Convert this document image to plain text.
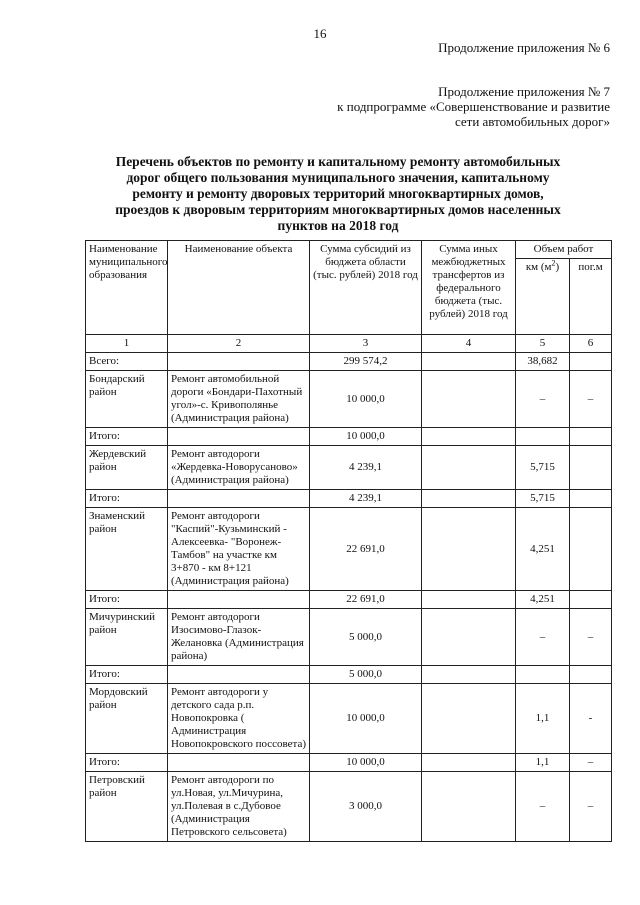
16
Продолжение приложения № 6
Продолжение приложения № 7
к подпрограмме «Совершенствование и развитие
сети автомобильных дорог»
Перечень объектов по ремонту и капитальному ремонту автомобильных
дорог общего пользования муниципального значения, капитальному
ремонту и ремонту дворовых территорий многоквартирных домов,
проездов к дворовым территориям многоквартирных домов населенных
пунктов на 2018 год
Наименование муниципального образования	Наименование объекта	Сумма субсидий из бюджета области (тыс. рублей) 2018 год	Сумма иных межбюджетных трансфертов из федерального бюджета (тыс. рублей) 2018 год	Объем работ	
				км $(м^2)$	пог.м
1	2	3	4	5	6
Всего:		299 574,2		38,682	
Бондарский район	Ремонт автомобильной дороги «Бондари-Пахотный угол»-с. Кривополянье (Администрация района)	10 000,0		–	–
Итого:		10 000,0			
Жердевский район	Ремонт автодороги «Жердевка-Новорусаново» (Администрация района)	4 239,1		5,715	
Итого:		4 239,1		5,715	
Знаменский район	Ремонт автодороги "Каспий"-Кузьминский - Алексеевка- "Воронеж-Тамбов" на участке км 3+870 - км 8+121 (Администрация района)	22 691,0		4,251	
Итого:		22 691,0		4,251	
Мичуринский район	Ремонт автодороги Изосимово-Глазок-Желановка (Администрация района)	5 000,0		–	–
Итого:		5 000,0			
Мордовский район	Ремонт автодороги у детского сада р.п. Новопокровка ( Администрация Новопокровского поссовета)	10 000,0		1,1	-
Итого:		10 000,0		1,1	–
Петровский район	Ремонт автодороги по ул.Новая, ул.Мичурина, ул.Полевая в с.Дубовое (Администрация Петровского сельсовета)	3 000,0		–	–
